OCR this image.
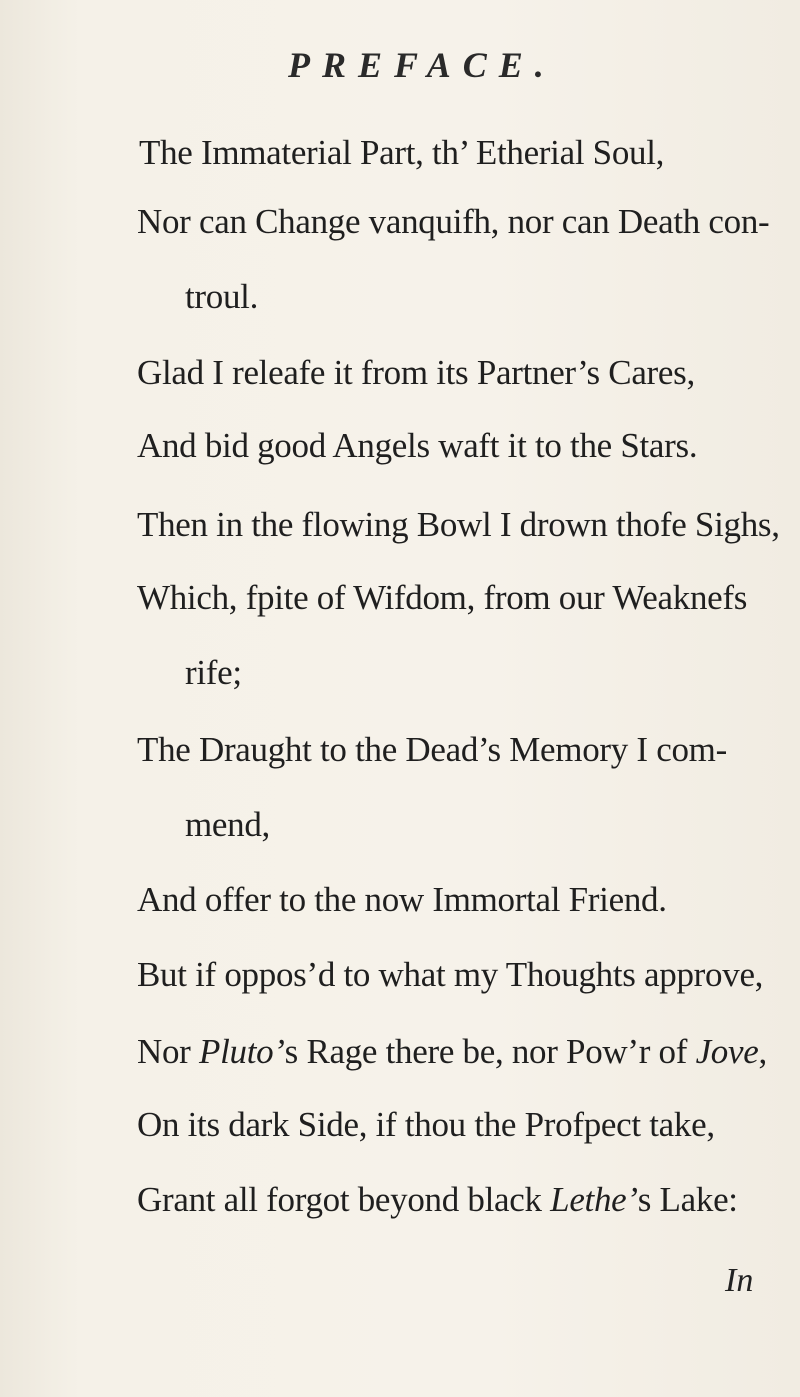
PREFACE.
The Immaterial Part, th’ Etherial Soul,
Nor can Change vanquifh, nor can Death con-
troul.
Glad I releafe it from its Partner’s Cares,
And bid good Angels waft it to the Stars.
Then in the flowing Bowl I drown thofe Sighs,
Which, fpite of Wifdom, from our Weaknefs
rife;
The Draught to the Dead’s Memory I com-
mend,
And offer to the now Immortal Friend.
But if oppos’d to what my Thoughts approve,
Nor Pluto’s Rage there be, nor Pow’r of Jove,
On its dark Side, if thou the Profpect take,
Grant all forgot beyond black Lethe’s Lake:
In
